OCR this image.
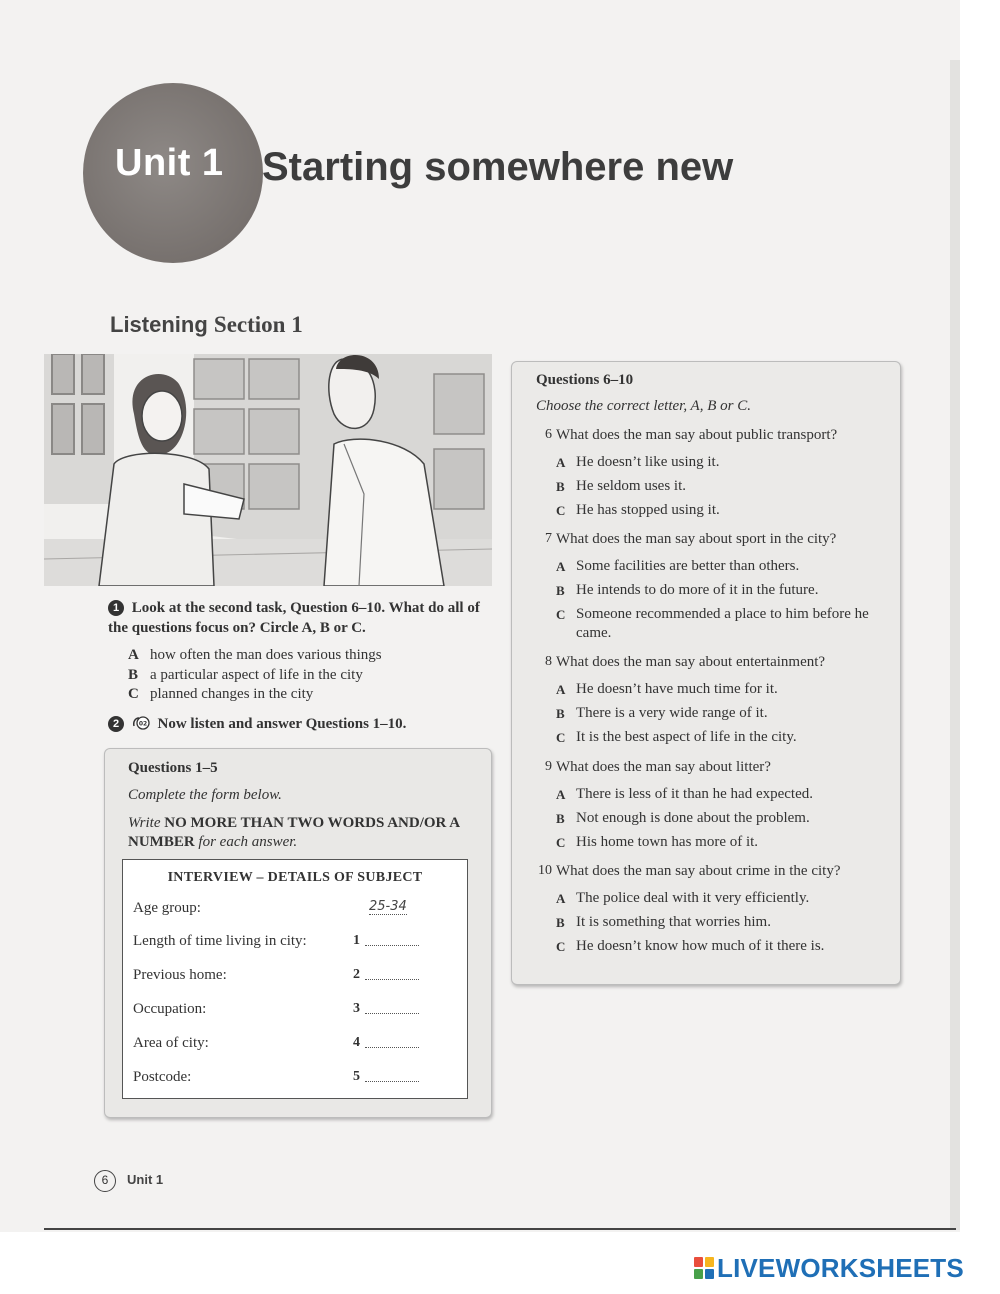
Unit 1 Starting somewhere new
Listening Section 1
1 Look at the second task, Question 6–10. What do all of the questions focus on? Circle A, B or C.
A how often the man does various things
B a particular aspect of life in the city
C planned changes in the city
2	02 Now listen and answer Questions 1–10.
Questions 1–5
Complete the form below.
Write NO MORE THAN TWO WORDS AND/OR A NUMBER for each answer.
INTERVIEW – DETAILS OF SUBJECT
Age group:	25-34
Length of time living in city:	1
Previous home:	2
Occupation:	3
Area of city:	4
Postcode:	5
Questions 6–10
Choose the correct letter, A, B or C.
6 What does the man say about public transport?
A He doesn’t like using it.
B He seldom uses it.
C He has stopped using it.
7 What does the man say about sport in the city?
A Some facilities are better than others.
B He intends to do more of it in the future.
C Someone recommended a place to him before he came.
8 What does the man say about entertainment?
A He doesn’t have much time for it.
B There is a very wide range of it.
C It is the best aspect of life in the city.
9 What does the man say about litter?
A There is less of it than he had expected.
B Not enough is done about the problem.
C His home town has more of it.
10 What does the man say about crime in the city?
A The police deal with it very efficiently.
B It is something that worries him.
C He doesn’t know how much of it there is.
6	Unit 1
LIVEWORKSHEETS
